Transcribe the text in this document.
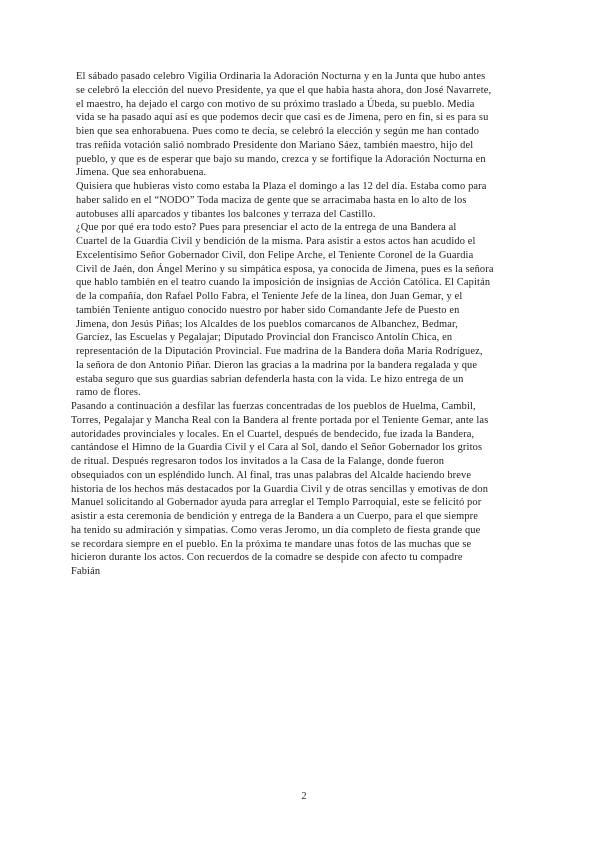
El sábado pasado celebro Vigilia Ordinaria la Adoración Nocturna y en la Junta que hubo antes
se celebró la elección del nuevo Presidente, ya que el que habia hasta ahora, don José Navarrete,
el maestro, ha dejado el cargo con motivo de su próximo traslado a Úbeda, su pueblo. Media
vida se ha pasado aquí así es que podemos decir que casi es de Jimena, pero en fin, si es para su
bien que sea enhorabuena. Pues como te decía, se celebró la elección y según me han contado
tras reñida votación salió nombrado Presidente don Mariano Sáez, también maestro, hijo del
pueblo, y que es de esperar que bajo su mando, crezca y se fortifique la Adoración Nocturna en
Jimena. Que sea enhorabuena.
Quisiera que hubieras visto como estaba la Plaza el domingo a las 12 del día. Estaba como para
haber salido en el “NODO” Toda maciza de gente que se arracimaba hasta en lo alto de los
autobuses allí aparcados y tibantes los balcones y terraza del Castillo.
¿Que por qué era todo esto? Pues para presenciar el acto de la entrega de una Bandera al
Cuartel de la Guardia Civil y bendición de la misma. Para asistir a estos actos han acudido el
Excelentísimo Señor Gobernador Civil, don Felipe Arche, el Teniente Coronel de la Guardia
Civil de Jaén, don Ángel Merino y su simpática esposa, ya conocida de Jimena, pues es la señora
que hablo también en el teatro cuando la imposición de insignias de Acción Católica. El Capitán
de la compañía, don Rafael Pollo Fabra, el Teniente Jefe de la línea, don Juan Gemar, y el
también Teniente antiguo conocido nuestro por haber sido Comandante Jefe de Puesto en
Jimena, don Jesús Piñas; los Alcaldes de los pueblos comarcanos de Albanchez, Bedmar,
Garcíez, las Escuelas y Pegalajar; Diputado Provincial don Francisco Antolín Chica, en
representación de la Diputación Provincial. Fue madrina de la Bandera doña María Rodríguez,
la señora de don Antonio Piñar. Dieron las gracias a la madrina por la bandera regalada y que
estaba seguro que sus guardias sabrian defenderla hasta con la vida. Le hizo entrega de un
ramo de flores.
Pasando a continuación a desfilar las fuerzas concentradas de los pueblos de Huelma, Cambil,
Torres, Pegalajar y Mancha Real con la Bandera al frente portada por el Teniente Gemar, ante las
autoridades provinciales y locales. En el Cuartel, después de bendecido, fue izada la Bandera,
cantándose el Himno de la Guardia Civil y el Cara al Sol, dando el Señor Gobernador los gritos
de ritual. Después regresaron todos los invitados a la Casa de la Falange, donde fueron
obsequiados con un espléndido lunch. Al final, tras unas palabras del Alcalde haciendo breve
historia de los hechos más destacados por la Guardia Civil y de otras sencillas y emotivas de don
Manuel solicitando al Gobernador ayuda para arreglar el Templo Parroquial, este se felicitó por
asistir a esta ceremonia de bendición y entrega de la Bandera a un Cuerpo, para el que siempre
ha tenido su admiración y simpatias. Como veras Jeromo, un día completo de fiesta grande que
se recordara siempre en el pueblo. En la próxima te mandare unas fotos de las muchas que se
hicieron durante los actos. Con recuerdos de la comadre se despide con afecto tu compadre
Fabián
2
